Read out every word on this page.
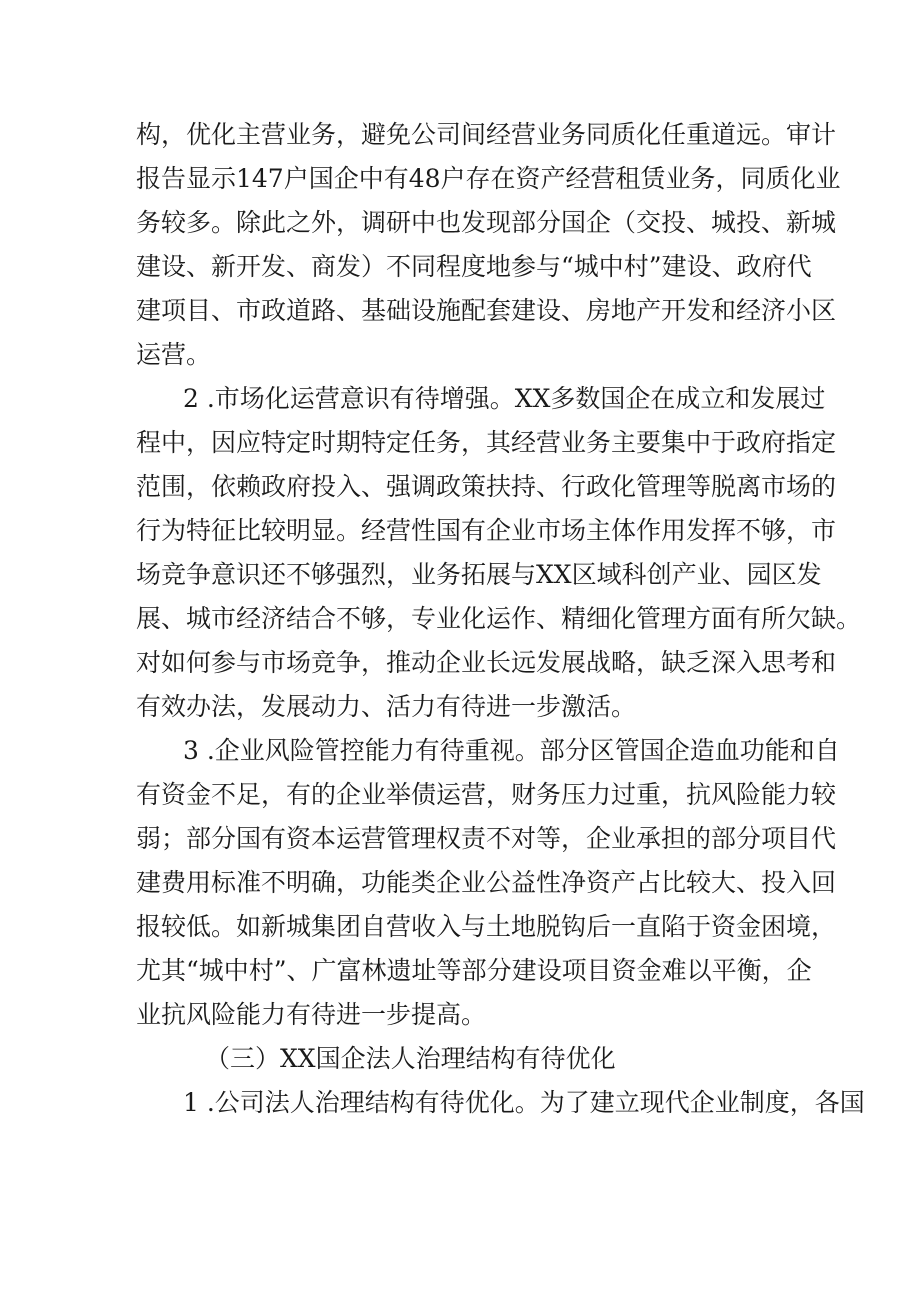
构，优化主营业务，避免公司间经营业务同质化任重道远。审计
报告显示147户国企中有48户存在资产经营租赁业务，同质化业
务较多。除此之外，调研中也发现部分国企（交投、城投、新城
建设、新开发、商发）不同程度地参与“城中村”建设、政府代
建项目、市政道路、基础设施配套建设、房地产开发和经济小区
运营。
2 .市场化运营意识有待增强。XX多数国企在成立和发展过
程中，因应特定时期特定任务，其经营业务主要集中于政府指定
范围，依赖政府投入、强调政策扶持、行政化管理等脱离市场的
行为特征比较明显。经营性国有企业市场主体作用发挥不够，市
场竞争意识还不够强烈，业务拓展与XX区域科创产业、园区发
展、城市经济结合不够，专业化运作、精细化管理方面有所欠缺。
对如何参与市场竞争，推动企业长远发展战略，缺乏深入思考和
有效办法，发展动力、活力有待进一步激活。
3 .企业风险管控能力有待重视。部分区管国企造血功能和自
有资金不足，有的企业举债运营，财务压力过重，抗风险能力较
弱；部分国有资本运营管理权责不对等，企业承担的部分项目代
建费用标准不明确，功能类企业公益性净资产占比较大、投入回
报较低。如新城集团自营收入与土地脱钩后一直陷于资金困境，
尤其“城中村”、广富林遗址等部分建设项目资金难以平衡，企
业抗风险能力有待进一步提高。
（三）XX国企法人治理结构有待优化
1 .公司法人治理结构有待优化。为了建立现代企业制度，各国
